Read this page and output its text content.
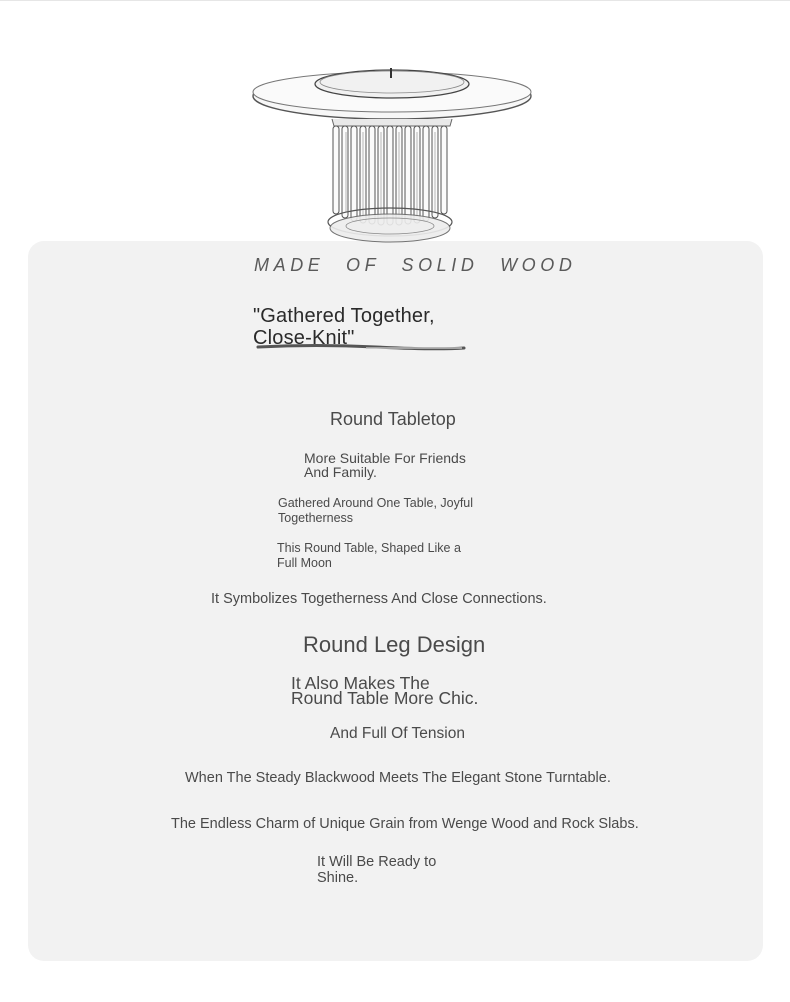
MADE OF SOLID WOOD
"Gathered Together,
Close-Knit"
Round Tabletop
More Suitable For Friends
And Family.
Gathered Around One Table, Joyful
Togetherness
This Round Table, Shaped Like a
Full Moon
It Symbolizes Togetherness And Close Connections.
Round Leg Design
It Also Makes The
Round Table More Chic.
And Full Of Tension
When The Steady Blackwood Meets The Elegant Stone Turntable.
The Endless Charm of Unique Grain from Wenge Wood and Rock Slabs.
It Will Be Ready to
Shine.
